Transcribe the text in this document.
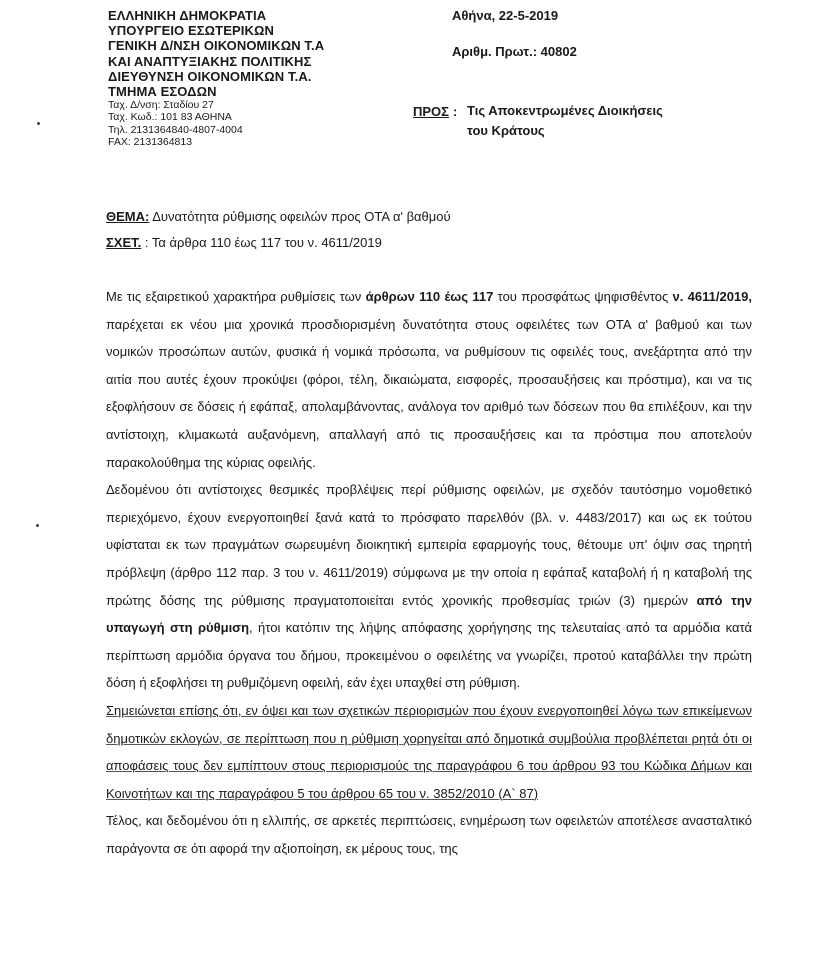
ΕΛΛΗΝΙΚΗ ΔΗΜΟΚΡΑΤΙΑ
ΥΠΟΥΡΓΕΙΟ ΕΣΩΤΕΡΙΚΩΝ
ΓΕΝΙΚΗ Δ/ΝΣΗ ΟΙΚΟΝΟΜΙΚΩΝ Τ.Α
ΚΑΙ ΑΝΑΠΤΥΞΙΑΚΗΣ ΠΟΛΙΤΙΚΗΣ
ΔΙΕΥΘΥΝΣΗ ΟΙΚΟΝΟΜΙΚΩΝ Τ.Α.
ΤΜΗΜΑ ΕΣΟΔΩΝ
Ταχ. Δ/νση: Σταδίου 27
Ταχ. Κωδ.: 101 83 ΑΘΗΝΑ
Τηλ. 2131364840-4807-4004
FAX: 2131364813
Αθήνα, 22-5-2019
Αριθμ. Πρωτ.: 40802
ΠΡΟΣ : Τις Αποκεντρωμένες Διοικήσεις
του Κράτους
ΘΕΜΑ: Δυνατότητα ρύθμισης οφειλών προς ΟΤΑ α' βαθμού
ΣΧΕΤ. : Τα άρθρα 110 έως 117 του ν. 4611/2019

Με τις εξαιρετικού χαρακτήρα ρυθμίσεις των άρθρων 110 έως 117 του προσφάτως ψηφισθέντος ν. 4611/2019, παρέχεται εκ νέου μια χρονικά προσδιορισμένη δυνατότητα στους οφειλέτες των ΟΤΑ α' βαθμού και των νομικών προσώπων αυτών, φυσικά ή νομικά πρόσωπα, να ρυθμίσουν τις οφειλές τους, ανεξάρτητα από την αιτία που αυτές έχουν προκύψει (φόροι, τέλη, δικαιώματα, εισφορές, προσαυξήσεις και πρόστιμα), και να τις εξοφλήσουν σε δόσεις ή εφάπαξ, απολαμβάνοντας, ανάλογα τον αριθμό των δόσεων που θα επιλέξουν, και την αντίστοιχη, κλιμακωτά αυξανόμενη, απαλλαγή από τις προσαυξήσεις και τα πρόστιμα που αποτελούν παρακολούθημα της κύριας οφειλής.

Δεδομένου ότι αντίστοιχες θεσμικές προβλέψεις περί ρύθμισης οφειλών, με σχεδόν ταυτόσημο νομοθετικό περιεχόμενο, έχουν ενεργοποιηθεί ξανά κατά το πρόσφατο παρελθόν (βλ. ν. 4483/2017) και ως εκ τούτου υφίσταται εκ των πραγμάτων σωρευμένη διοικητική εμπειρία εφαρμογής τους, θέτουμε υπ' όψιν σας τηρητή πρόβλεψη (άρθρο 112 παρ. 3 του ν. 4611/2019) σύμφωνα με την οποία η εφάπαξ καταβολή ή η καταβολή της πρώτης δόσης της ρύθμισης πραγματοποιείται εντός χρονικής προθεσμίας τριών (3) ημερών από την υπαγωγή στη ρύθμιση, ήτοι κατόπιν της λήψης απόφασης χορήγησης της τελευταίας από τα αρμόδια κατά περίπτωση αρμόδια όργανα του δήμου, προκειμένου ο οφειλέτης να γνωρίζει, προτού καταβάλλει την πρώτη δόση ή εξοφλήσει τη ρυθμιζόμενη οφειλή, εάν έχει υπαχθεί στη ρύθμιση.

Σημειώνεται επίσης ότι, εν όψει και των σχετικών περιορισμών που έχουν ενεργοποιηθεί λόγω των επικείμενων δημοτικών εκλογών, σε περίπτωση που η ρύθμιση χορηγείται από δημοτικά συμβούλια προβλέπεται ρητά ότι οι αποφάσεις τους δεν εμπίπτουν στους περιορισμούς της παραγράφου 6 του άρθρου 93 του Κώδικα Δήμων και Κοινοτήτων και της παραγράφου 5 του άρθρου 65 του ν. 3852/2010 (Α` 87)

Τέλος, και δεδομένου ότι η ελλιπής, σε αρκετές περιπτώσεις, ενημέρωση των οφειλετών αποτέλεσε ανασταλτικό παράγοντα σε ότι αφορά την αξιοποίηση, εκ μέρους τους, της
